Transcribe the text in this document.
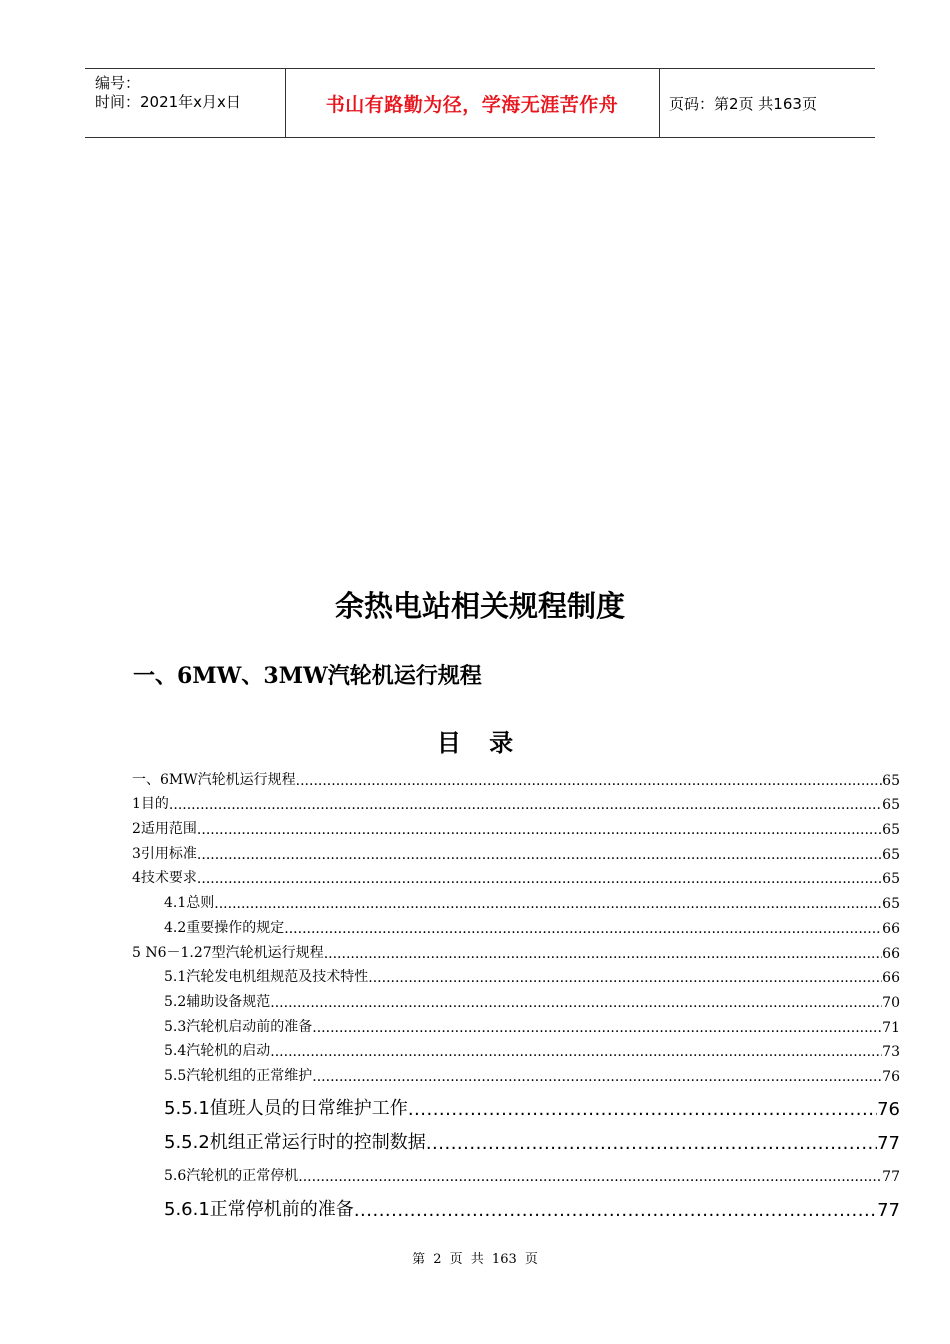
编号：
时间：2021年x月x日	书山有路勤为径，学海无涯苦作舟	页码：第2页 共163页
余热电站相关规程制度
一、6MW、3MW汽轮机运行规程
目 录
一、6MW汽轮机运行规程 .....	65
1目的 .....	65
2适用范围 .....	65
3引用标准 .....	65
4技术要求 .....	65
4.1总则 .....	65
4.2重要操作的规定 .....	66
5 N6－1.27型汽轮机运行规程 .....	66
5.1汽轮发电机组规范及技术特性 .....	66
5.2辅助设备规范 .....	70
5.3汽轮机启动前的准备 .....	71
5.4汽轮机的启动 .....	73
5.5汽轮机组的正常维护 .....	76
5.5.1值班人员的日常维护工作 .....	76
5.5.2机组正常运行时的控制数据 .....	77
5.6汽轮机的正常停机 .....	77
5.6.1正常停机前的准备 .....	77
第 2 页 共 163 页
